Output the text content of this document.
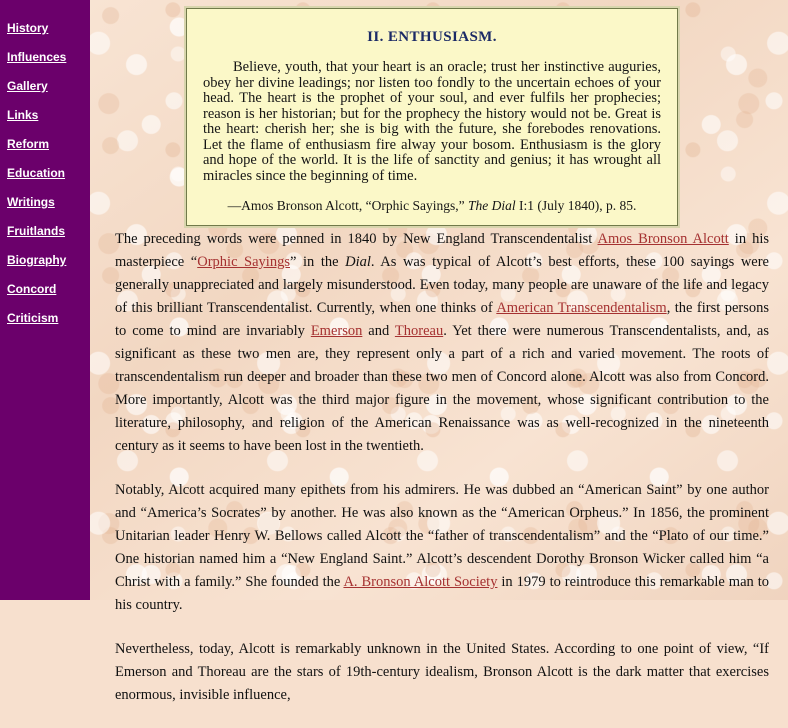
History
Influences
Gallery
Links
Reform
Education
Writings
Fruitlands
Biography
Concord
Criticism
II. ENTHUSIASM.

Believe, youth, that your heart is an oracle; trust her instinctive auguries, obey her divine leadings; nor listen too fondly to the uncertain echoes of your head. The heart is the prophet of your soul, and ever fulfils her prophecies; reason is her historian; but for the prophecy the history would not be. Great is the heart: cherish her; she is big with the future, she forebodes renovations. Let the flame of enthusiasm fire alway your bosom. Enthusiasm is the glory and hope of the world. It is the life of sanctity and genius; it has wrought all miracles since the beginning of time.

—Amos Bronson Alcott, “Orphic Sayings,” The Dial I:1 (July 1840), p. 85.

The preceding words were penned in 1840 by New England Transcendentalist Amos Bronson Alcott in his masterpiece “Orphic Sayings” in the Dial. As was typical of Alcott’s best efforts, these 100 sayings were generally unappreciated and largely misunderstood. Even today, many people are unaware of the life and legacy of this brilliant Transcendentalist. Currently, when one thinks of American Transcendentalism, the first persons to come to mind are invariably Emerson and Thoreau. Yet there were numerous Transcendentalists, and, as significant as these two men are, they represent only a part of a rich and varied movement. The roots of transcendentalism run deeper and broader than these two men of Concord alone. Alcott was also from Concord. More importantly, Alcott was the third major figure in the movement, whose significant contribution to the literature, philosophy, and religion of the American Renaissance was as well-recognized in the nineteenth century as it seems to have been lost in the twentieth.

Notably, Alcott acquired many epithets from his admirers. He was dubbed an “American Saint” by one author and “America’s Socrates” by another. He was also known as the “American Orpheus.” In 1856, the prominent Unitarian leader Henry W. Bellows called Alcott the “father of transcendentalism” and the “Plato of our time.” One historian named him a “New England Saint.” Alcott’s descendent Dorothy Bronson Wicker called him “a Christ with a family.” She founded the A. Bronson Alcott Society in 1979 to reintroduce this remarkable man to his country.

Nevertheless, today, Alcott is remarkably unknown in the United States. According to one point of view, “If Emerson and Thoreau are the stars of 19th-century idealism, Bronson Alcott is the dark matter that exercises enormous, invisible influence,
